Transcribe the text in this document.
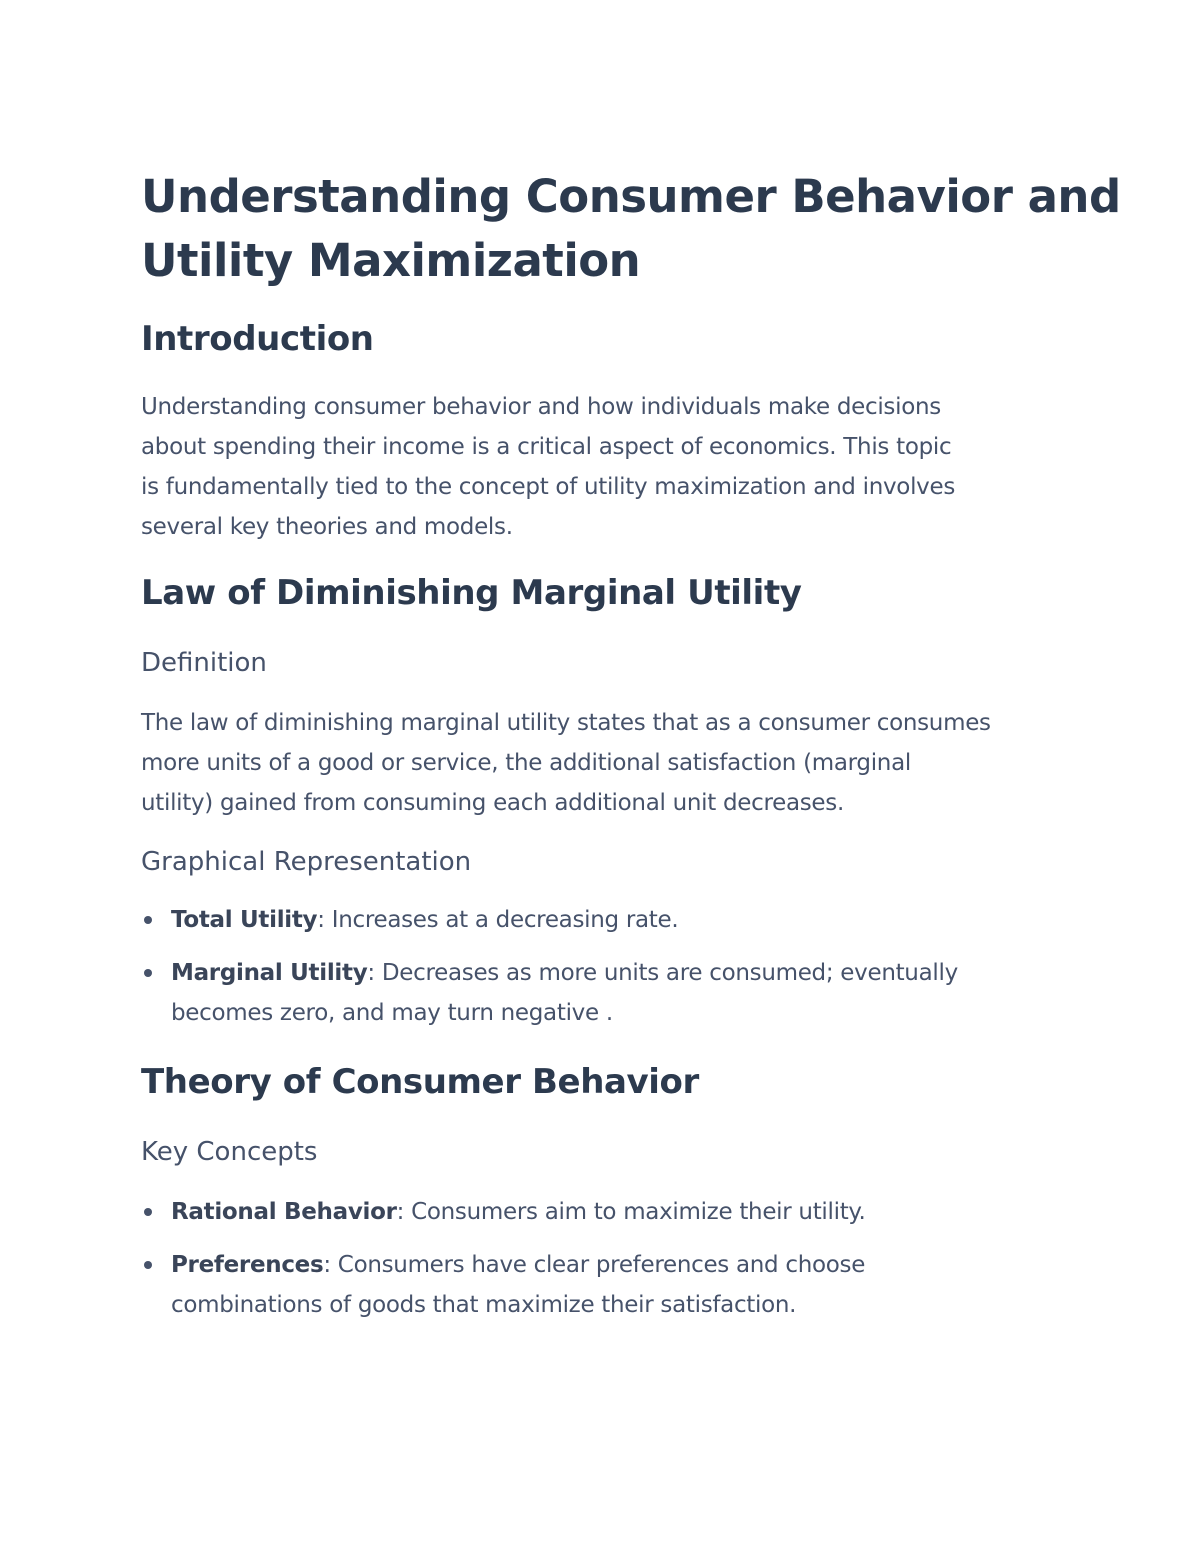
Understanding Consumer Behavior and
Utility Maximization
Introduction

Understanding consumer behavior and how individuals make decisions
about spending their income is a critical aspect of economics. This topic
is fundamentally tied to the concept of utility maximization and involves
several key theories and models.

Law of Diminishing Marginal Utility
Definition

The law of diminishing marginal utility states that as a consumer consumes
more units of a good or service, the additional satisfaction (marginal
utility) gained from consuming each additional unit decreases.

Graphical Representation
Total Utility: Increases at a decreasing rate.
Marginal Utility: Decreases as more units are consumed; eventually
becomes zero, and may turn negative .
Theory of Consumer Behavior
Key Concepts
Rational Behavior: Consumers aim to maximize their utility.
Preferences: Consumers have clear preferences and choose
combinations of goods that maximize their satisfaction.
